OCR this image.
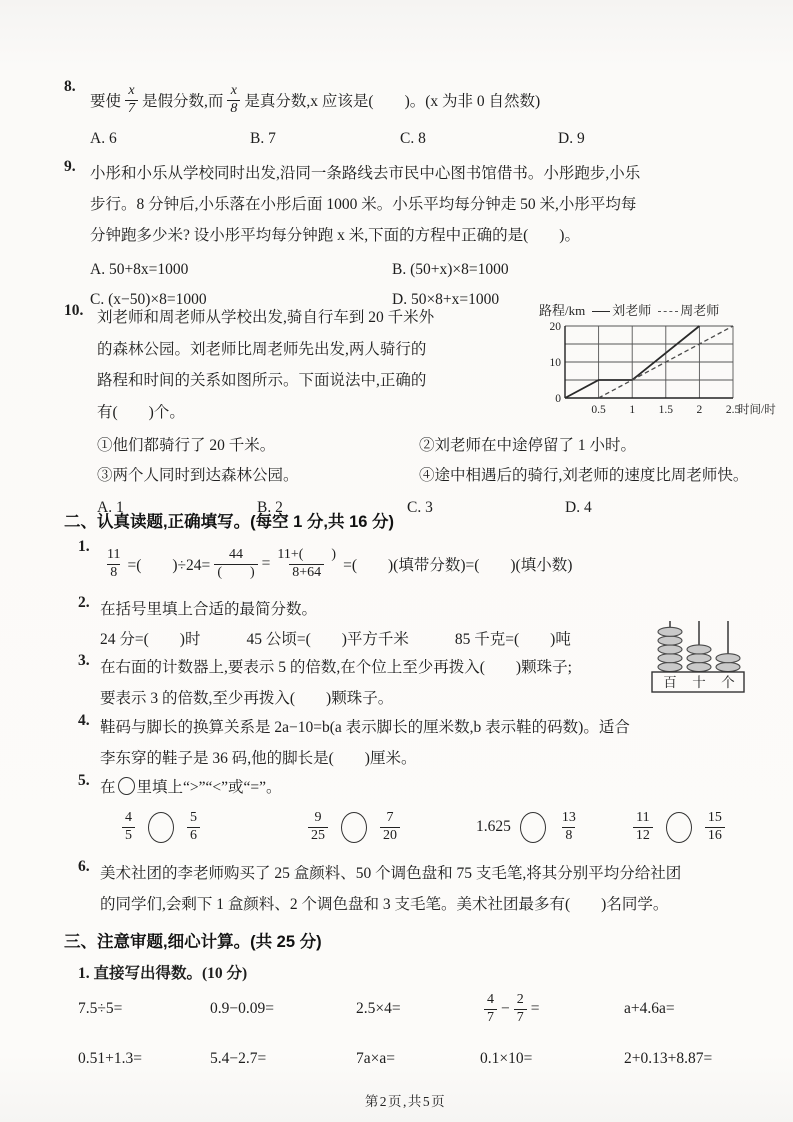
8.
要使 $\frac{x}{7}$ 是假分数,而 $\frac{x}{8}$ 是真分数,x 应该是(　　)。(x 为非 0 自然数)
A. 6	B. 7	C. 8	D. 9
9. 小彤和小乐从学校同时出发,沿同一条路线去市民中心图书馆借书。小彤跑步,小乐
步行。8 分钟后,小乐落在小彤后面 1000 米。小乐平均每分钟走 50 米,小彤平均每
分钟跑多少米? 设小彤平均每分钟跑 x 米,下面的方程中正确的是(　　)。
A. 50+8x=1000	B. (50+x)×8=1000
C. (x−50)×8=1000	D. 50×8+x=1000
10. 刘老师和周老师从学校出发,骑自行车到 20 千米外
的森林公园。刘老师比周老师先出发,两人骑行的
路程和时间的关系如图所示。下面说法中,正确的
有(　　)个。
路程/km 刘老师 周老师
0
10
20
0.5 1 1.5 2 2.5
时间/时
①他们都骑行了 20 千米。	②刘老师在中途停留了 1 小时。
③两个人同时到达森林公园。	④途中相遇后的骑行,刘老师的速度比周老师快。
A. 1	B. 2	C. 3	D. 4
二、认真读题,正确填写。(每空 1 分,共 16 分)
1.
$\frac{11}{8}$ =(　　)÷24=
44
(　　) = $\frac{11+( )}{8+64}$ =(　　)(填带分数)=(　　)(填小数)
2. 在括号里填上合适的最简分数。
24 分=(　　)时	45 公顷=(　　)平方千米	85 千克=(　　)吨
3. 在右面的计数器上,要表示 5 的倍数,在个位上至少再拨入(　　)颗珠子;
要表示 3 的倍数,至少再拨入(　　)颗珠子。
百 十 个
4. 鞋码与脚长的换算关系是 2a−10=b(a 表示脚长的厘米数,b 表示鞋的码数)。适合
李东穿的鞋子是 36 码,他的脚长是(　　)厘米。
5. 在 里填上“>”“<”或“=”。
$\frac{4}{5}$	$\frac{5}{6}$	$\frac{9}{25}$	$\frac{7}{20}$	1.625	$\frac{13}{8}$	$\frac{11}{12}$	$\frac{15}{16}$
6. 美术社团的李老师购买了 25 盒颜料、50 个调色盘和 75 支毛笔,将其分别平均分给社团
的同学们,会剩下 1 盒颜料、2 个调色盘和 3 支毛笔。美术社团最多有(　　)名同学。
三、注意审题,细心计算。(共 25 分)
1. 直接写出得数。(10 分)
7.5÷5=	0.9−0.09=	2.5×4=	$\frac{4}{7} - \frac{2}{7}$ =	a+4.6a=
0.51+1.3=	5.4−2.7=	7a×a=	0.1×10=	2+0.13+8.87=
第2页,共5页
